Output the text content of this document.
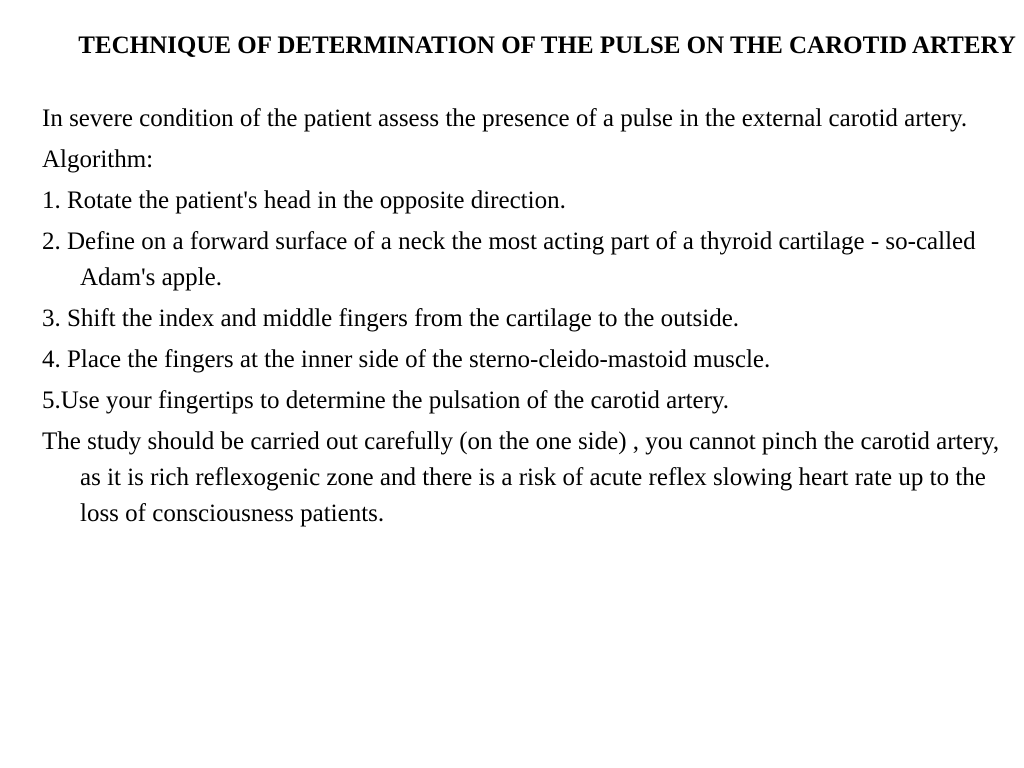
TECHNIQUE OF DETERMINATION OF THE PULSE ON THE CAROTID ARTERY

In severe condition of the patient assess the presence of a pulse in the external carotid artery.

Algorithm:

1. Rotate the patient's head in the opposite direction.

2. Define on a forward surface of a neck the most acting part of a thyroid cartilage - so-called Adam's apple.

3. Shift the index and middle fingers from the cartilage to the outside.

4. Place the fingers at the inner side of the sterno-cleido-mastoid muscle.

5.Use your fingertips to determine the pulsation of the carotid artery.

The study should be carried out carefully (on the one side) , you cannot pinch the carotid artery, as it is rich reflexogenic zone and there is a risk of acute reflex slowing heart rate up to the loss of consciousness patients.
